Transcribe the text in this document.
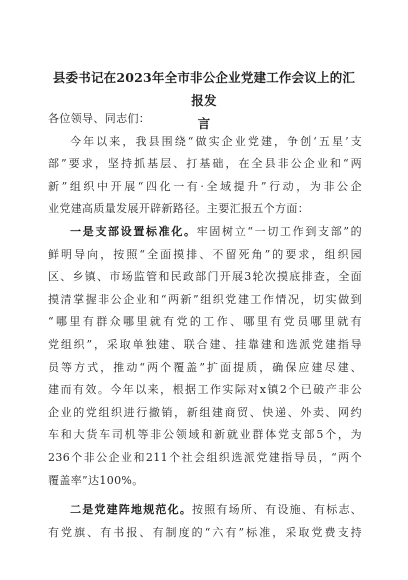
县委书记在2023年全市非公企业党建工作会议上的汇报发
言
各位领导、同志们：
今年以来，我县围绕“做实企业党建，争创‘五星’支
部”要求，坚持抓基层、打基础，在全县非公企业和“两
新”组织中开展“四化一有·全域提升”行动，为非公企
业党建高质量发展开辟新路径。主要汇报五个方面：
一是支部设置标准化。牢固树立“一切工作到支部”的
鲜明导向，按照“全面摸排、不留死角”的要求，组织园
区、乡镇、市场监管和民政部门开展3轮次摸底排查，全面
摸清掌握非公企业和“两新”组织党建工作情况，切实做到
“哪里有群众哪里就有党的工作、哪里有党员哪里就有
党组织”，采取单独建、联合建、挂靠建和选派党建指导
员等方式，推动“两个覆盖”扩面提质，确保应建尽建、
建而有效。今年以来，根据工作实际对x镇2个已破产非公
企业的党组织进行撤销，新组建商贸、快递、外卖、网约
车和大货车司机等非公领域和新就业群体党支部5个，为
236个非公企业和211个社会组织选派党建指导员，“两个
覆盖率”达100%。
二是党建阵地规范化。按照有场所、有设施、有标志、
有党旗、有书报、有制度的“六有”标准，采取党费支持
